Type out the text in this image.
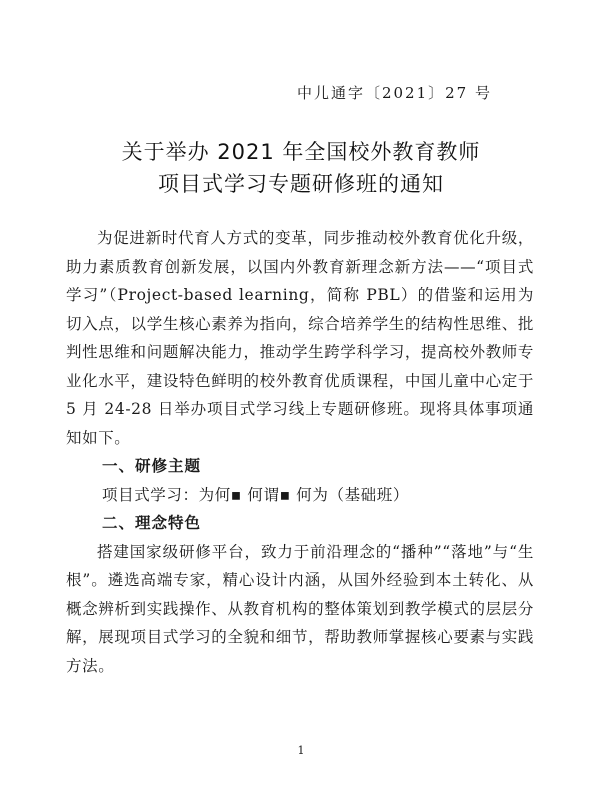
中儿通字〔2021〕27 号
关于举办 2021 年全国校外教育教师
项目式学习专题研修班的通知

为促进新时代育人方式的变革，同步推动校外教育优化升级，助力素质教育创新发展，以国内外教育新理念新方法——“项目式学习”（Project-based learning，简称 PBL）的借鉴和运用为切入点，以学生核心素养为指向，综合培养学生的结构性思维、批判性思维和问题解决能力，推动学生跨学科学习，提高校外教师专业化水平，建设特色鲜明的校外教育优质课程，中国儿童中心定于 5 月 24-28 日举办项目式学习线上专题研修班。现将具体事项通知如下。

一、研修主题

项目式学习：为何▪ 何谓▪ 何为（基础班）

二、理念特色

搭建国家级研修平台，致力于前沿理念的“播种”“落地”与“生根”。遴选高端专家，精心设计内涵，从国外经验到本土转化、从概念辨析到实践操作、从教育机构的整体策划到教学模式的层层分解，展现项目式学习的全貌和细节，帮助教师掌握核心要素与实践方法。

1
